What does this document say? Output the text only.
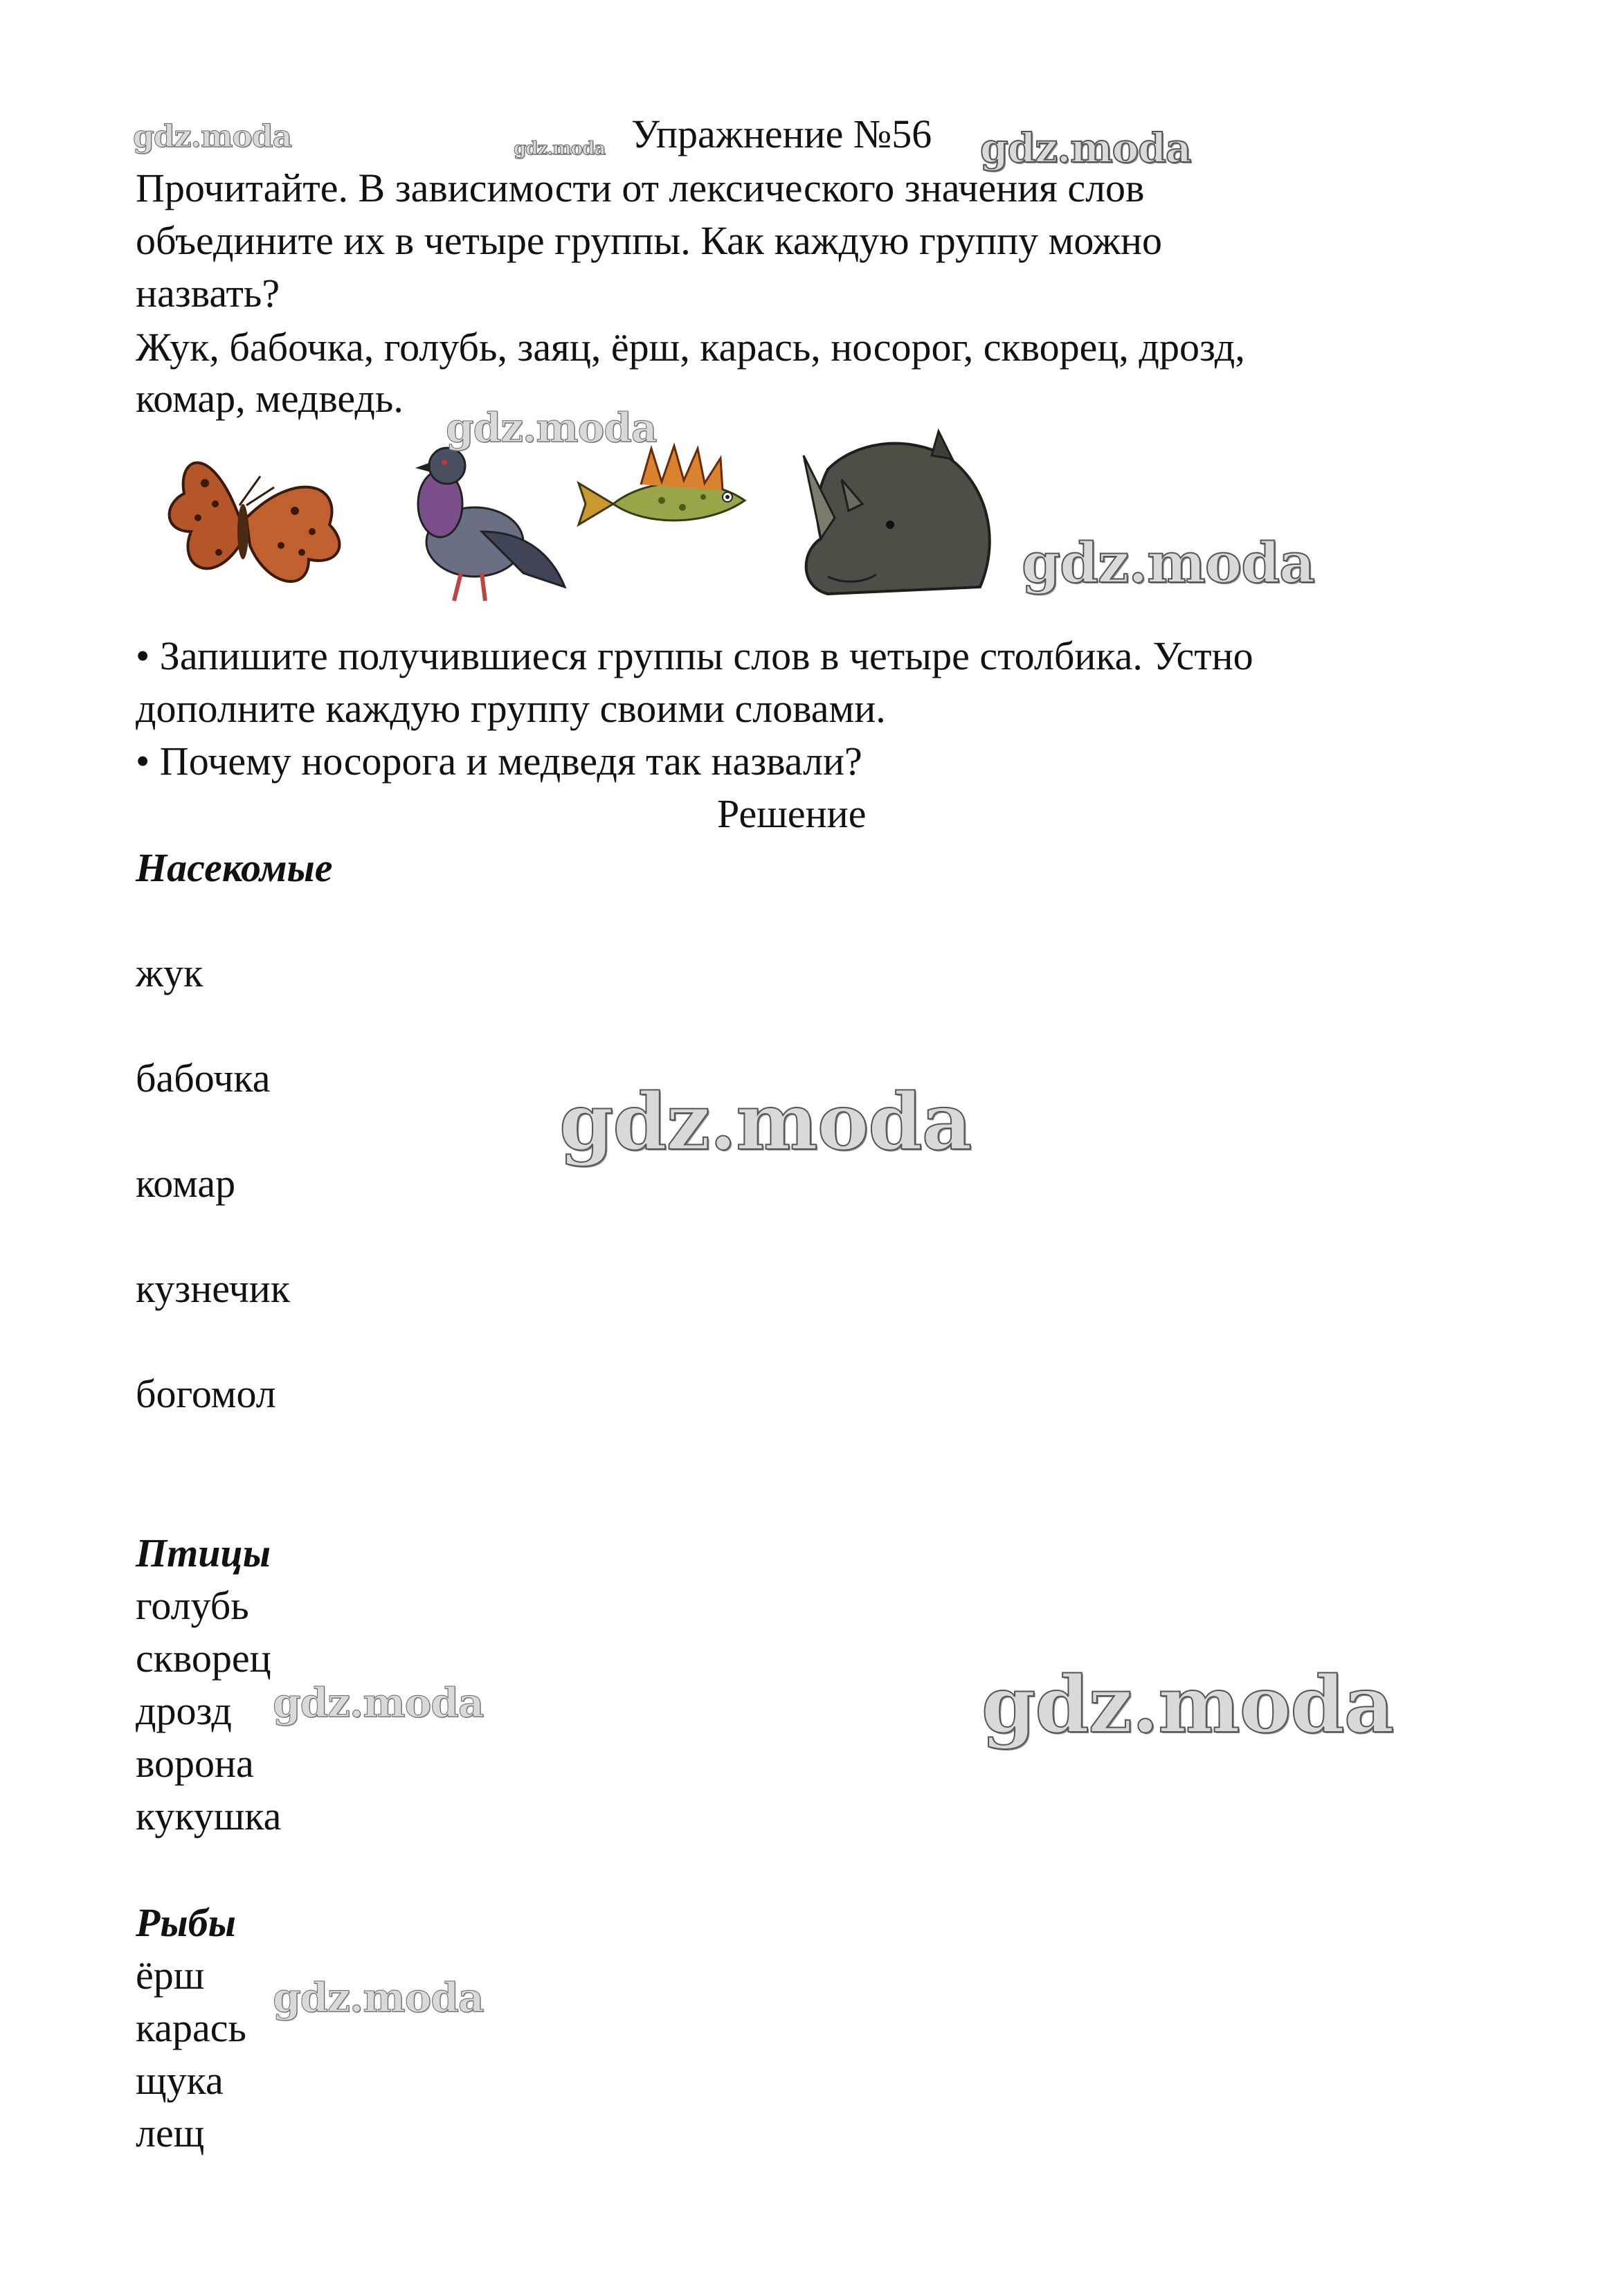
gdz.moda	gdz.moda Упражнение №56 gdz.moda
Прочитайте. В зависимости от лексического значения слов
объедините их в четыре группы. Как каждую группу можно
назвать?
Жук, бабочка, голубь, заяц, ёрш, карась, носорог, скворец, дрозд,
комар, медведь.
gdz.moda
gdz.moda
• Запишите получившиеся группы слов в четыре столбика. Устно
дополните каждую группу своими словами.
• Почему носорога и медведя так назвали?
Решение
Насекомые
жук
бабочка
комар
кузнечик
богомол
gdz.moda
Птицы
голубь
скворец
дрозд
ворона
кукушка
gdz.moda	gdz.moda
Рыбы
ёрш
карась
щука
лещ
gdz.moda
